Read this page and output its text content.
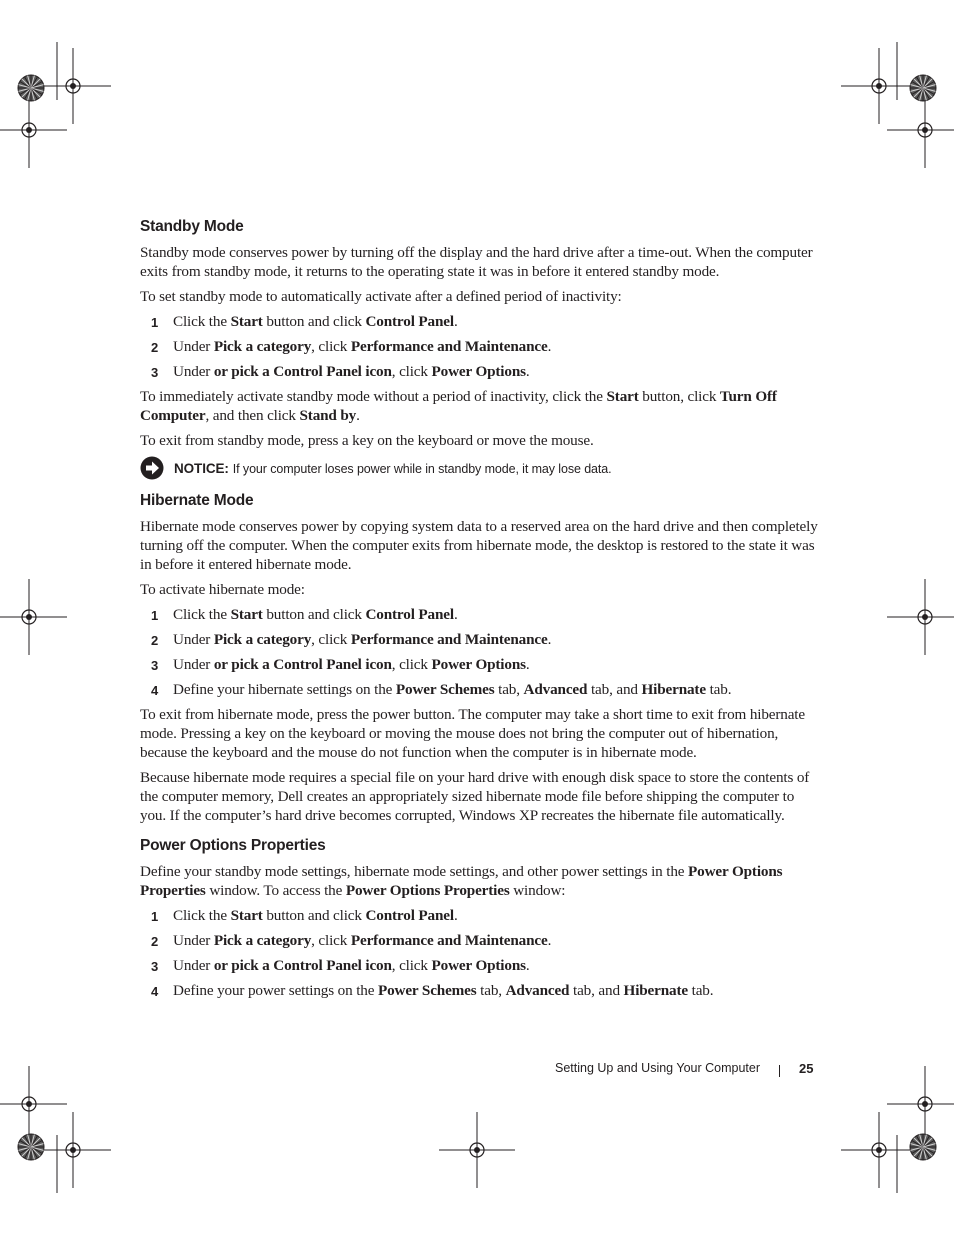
Standby Mode

Standby mode conserves power by turning off the display and the hard drive after a time-out. When the computer exits from standby mode, it returns to the operating state it was in before it entered standby mode.

To set standby mode to automatically activate after a defined period of inactivity:

1 Click the Start button and click Control Panel.
2 Under Pick a category, click Performance and Maintenance.
3 Under or pick a Control Panel icon, click Power Options.

To immediately activate standby mode without a period of inactivity, click the Start button, click Turn Off Computer, and then click Stand by.

To exit from standby mode, press a key on the keyboard or move the mouse.

NOTICE: If your computer loses power while in standby mode, it may lose data.
Hibernate Mode

Hibernate mode conserves power by copying system data to a reserved area on the hard drive and then completely turning off the computer. When the computer exits from hibernate mode, the desktop is restored to the state it was in before it entered hibernate mode.

To activate hibernate mode:

1 Click the Start button and click Control Panel.
2 Under Pick a category, click Performance and Maintenance.
3 Under or pick a Control Panel icon, click Power Options.
4 Define your hibernate settings on the Power Schemes tab, Advanced tab, and Hibernate tab.

To exit from hibernate mode, press the power button. The computer may take a short time to exit from hibernate mode. Pressing a key on the keyboard or moving the mouse does not bring the computer out of hibernation, because the keyboard and the mouse do not function when the computer is in hibernate mode.

Because hibernate mode requires a special file on your hard drive with enough disk space to store the contents of the computer memory, Dell creates an appropriately sized hibernate mode file before shipping the computer to you. If the computer’s hard drive becomes corrupted, Windows XP recreates the hibernate file automatically.

Power Options Properties

Define your standby mode settings, hibernate mode settings, and other power settings in the Power Options Properties window. To access the Power Options Properties window:

1 Click the Start button and click Control Panel.
2 Under Pick a category, click Performance and Maintenance.
3 Under or pick a Control Panel icon, click Power Options.
4 Define your power settings on the Power Schemes tab, Advanced tab, and Hibernate tab.
Setting Up and Using Your Computer	25
